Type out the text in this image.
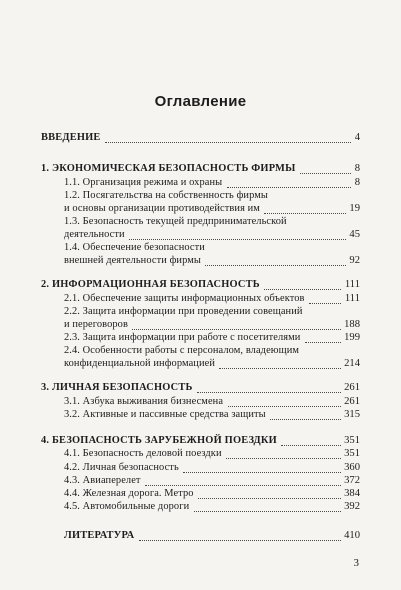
Оглавление
ВВЕДЕНИЕ	4
1. ЭКОНОМИЧЕСКАЯ БЕЗОПАСНОСТЬ ФИРМЫ	8
1.1. Организация режима и охраны	8
1.2. Посягательства на собственность фирмы
и основы организации противодействия им	19
1.3. Безопасность текущей предпринимательской
деятельности	45
1.4. Обеспечение безопасности
внешней деятельности фирмы	92
2. ИНФОРМАЦИОННАЯ БЕЗОПАСНОСТЬ	111
2.1. Обеспечение защиты информационных объектов	111
2.2. Защита информации при проведении совещаний
и переговоров	188
2.3. Защита информации при работе с посетителями	199
2.4. Особенности работы с персоналом, владеющим
конфиденциальной информацией	214
3. ЛИЧНАЯ БЕЗОПАСНОСТЬ	261
3.1. Азбука выживания бизнесмена	261
3.2. Активные и пассивные средства защиты	315
4. БЕЗОПАСНОСТЬ ЗАРУБЕЖНОЙ ПОЕЗДКИ	351
4.1. Безопасность деловой поездки	351
4.2. Личная безопасность	360
4.3. Авиаперелет	372
4.4. Железная дорога. Метро	384
4.5. Автомобильные дороги	392
ЛИТЕРАТУРА	410
3
